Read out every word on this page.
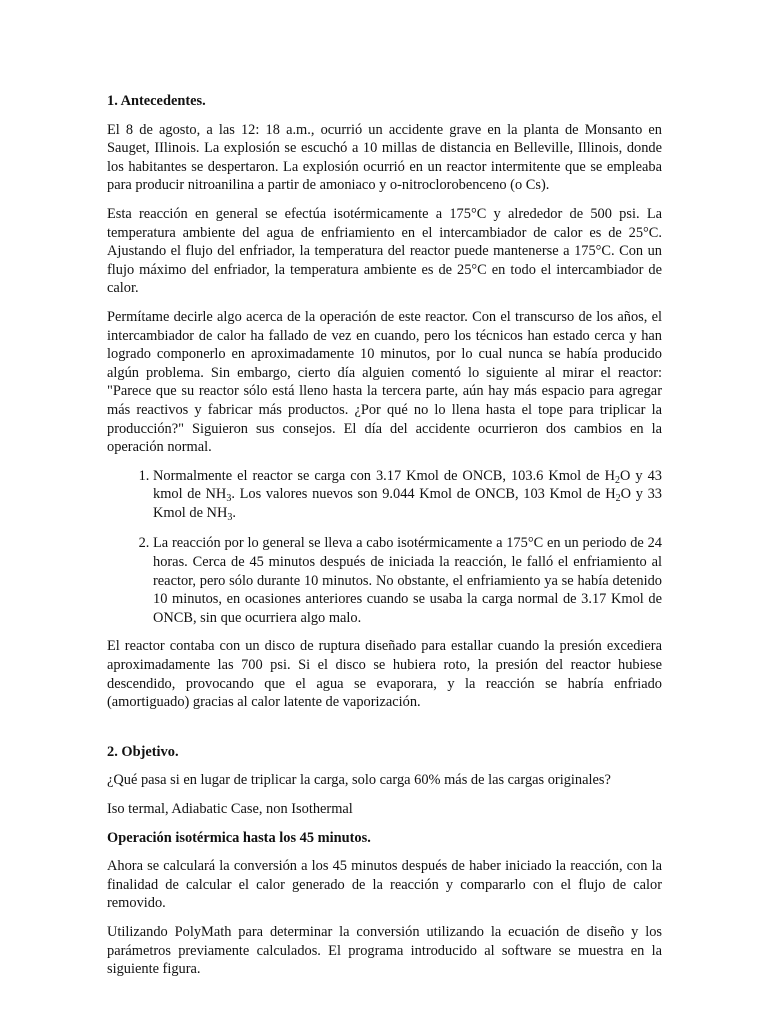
1. Antecedentes.

El 8 de agosto, a las 12: 18 a.m., ocurrió un accidente grave en la planta de Monsanto en Sauget, IIlinois. La explosión se escuchó a 10 millas de distancia en Belleville, Illinois, donde los habitantes se despertaron. La explosión ocurrió en un reactor intermitente que se empleaba para producir nitroanilina a partir de amoniaco y o-nitroclorobenceno (o Cs).

Esta reacción en general se efectúa isotérmicamente a 175°C y alrededor de 500 psi. La temperatura ambiente del agua de enfriamiento en el intercambiador de calor es de 25°C. Ajustando el flujo del enfriador, la temperatura del reactor puede mantenerse a 175°C. Con un flujo máximo del enfriador, la temperatura ambiente es de 25°C en todo el intercambiador de calor.

Permítame decirle algo acerca de la operación de este reactor. Con el transcurso de los años, el intercambiador de calor ha fallado de vez en cuando, pero los técnicos han estado cerca y han logrado componerlo en aproximadamente 10 minutos, por lo cual nunca se había producido algún problema. Sin embargo, cierto día alguien comentó lo siguiente al mirar el reactor: "Parece que su reactor sólo está lleno hasta la tercera parte, aún hay más espacio para agregar más reactivos y fabricar más productos. ¿Por qué no lo llena hasta el tope para triplicar la producción?" Siguieron sus consejos. El día del accidente ocurrieron dos cambios en la operación normal.

1. Normalmente el reactor se carga con 3.17 Kmol de ONCB, 103.6 Kmol de $H_2O$ y 43 kmol de $NH_3$. Los valores nuevos son 9.044 Kmol de ONCB, 103 Kmol de $H_2O$ y 33 Kmol de $NH_3$.
2. La reacción por lo general se lleva a cabo isotérmicamente a 175°C en un periodo de 24 horas. Cerca de 45 minutos después de iniciada la reacción, le falló el enfriamiento al reactor, pero sólo durante 10 minutos. No obstante, el enfriamiento ya se había detenido 10 minutos, en ocasiones anteriores cuando se usaba la carga normal de 3.17 Kmol de ONCB, sin que ocurriera algo malo.

El reactor contaba con un disco de ruptura diseñado para estallar cuando la presión excediera aproximadamente las 700 psi. Si el disco se hubiera roto, la presión del reactor hubiese descendido, provocando que el agua se evaporara, y la reacción se habría enfriado (amortiguado) gracias al calor latente de vaporización.

2. Objetivo.

¿Qué pasa si en lugar de triplicar la carga, solo carga 60% más de las cargas originales?

Iso termal, Adiabatic Case, non Isothermal

Operación isotérmica hasta los 45 minutos.

Ahora se calculará la conversión a los 45 minutos después de haber iniciado la reacción, con la finalidad de calcular el calor generado de la reacción y compararlo con el flujo de calor removido.

Utilizando PolyMath para determinar la conversión utilizando la ecuación de diseño y los parámetros previamente calculados. El programa introducido al software se muestra en la siguiente figura.
